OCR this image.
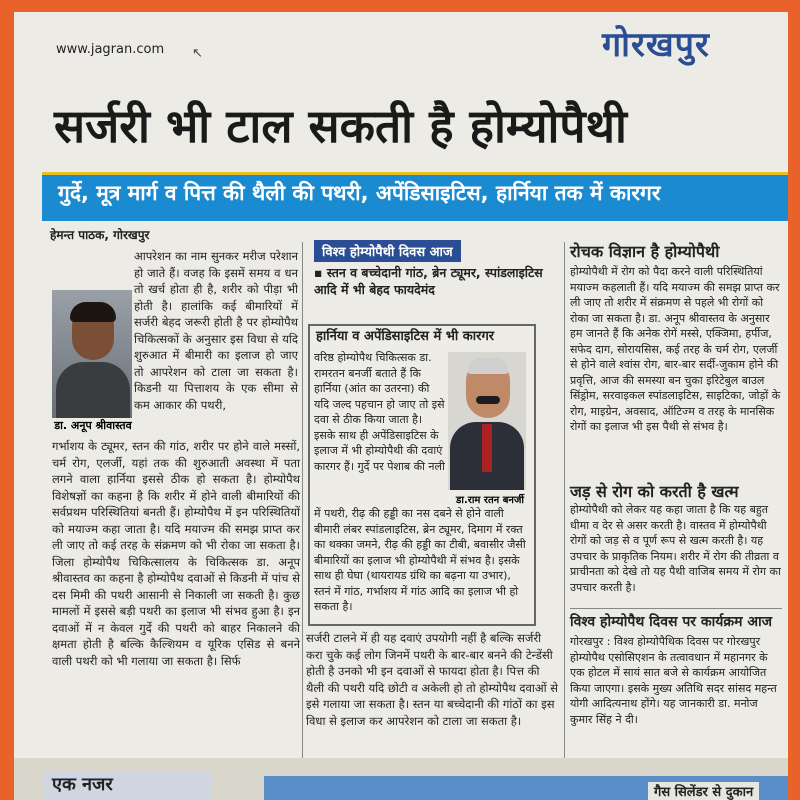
www.jagran.com ↖	गोरखपुर
सर्जरी भी टाल सकती है होम्योपैथी
गुर्दे, मूत्र मार्ग व पित्त की थैली की पथरी, अपेंडिसाइटिस, हार्निया तक में कारगर
हेमन्त पाठक, गोरखपुर
आपरेशन का नाम सुनकर मरीज परेशान हो जाते हैं। वजह कि इसमें समय व धन तो खर्च होता ही है, शरीर को पीड़ा भी होती है। हालांकि कई बीमारियों में सर्जरी बेहद जरूरी होती है पर होम्योपैथ चिकित्सकों के अनुसार इस विधा से यदि शुरुआत में बीमारी का इलाज हो जाए तो आपरेशन को टाला जा सकता है। किडनी या पित्ताशय के एक सीमा से कम आकार की पथरी,
डा. अनूप श्रीवास्तव
गर्भाशय के ट्यूमर, स्तन की गांठ, शरीर पर होने वाले मस्सों, चर्म रोग, एलर्जी, यहां तक की शुरुआती अवस्था में पता लगने वाला हार्निया इससे ठीक हो सकता है। होम्योपैथ विशेषज्ञों का कहना है कि शरीर में होने वाली बीमारियों की सर्वप्रथम परिस्थितियां बनती हैं। होम्योपैथ में इन परिस्थितियों को मयाज्म कहा जाता है। यदि मयाज्म की समझ प्राप्त कर ली जाए तो कई तरह के संक्रमण को भी रोका जा सकता है। जिला होम्योपैथ चिकित्सालय के चिकित्सक डा. अनूप श्रीवास्तव का कहना है होम्योपैथ दवाओं से किडनी में पांच से दस मिमी की पथरी आसानी से निकाली जा सकती है। कुछ मामलों में इससे बड़ी पथरी का इलाज भी संभव हुआ है। इन दवाओं में न केवल गुर्दे की पथरी को बाहर निकालने की क्षमता होती है बल्कि कैल्शियम व यूरिक एसिड से बनने वाली पथरी को भी गलाया जा सकता है। सिर्फ
विश्व होम्योपैथी दिवस आज
▪ स्तन व बच्चेदानी गांठ, ब्रेन ट्यूमर, स्पांडलाइटिस आदि में भी बेहद फायदेमंद
हार्निया व अपेंडिसाइटिस में भी कारगर
वरिष्ठ होम्योपैथ चिकित्सक डा. रामरतन बनर्जी बताते हैं कि हार्निया (आंत का उतरना) की यदि जल्द पहचान हो जाए तो इसे दवा से ठीक किया जाता है। इसके साथ ही अपेंडिसाइटिस के इलाज में भी होम्योपैथी की दवाएं कारगर हैं। गुर्दे पर पेशाब की नली
डा.राम रतन बनर्जी
में पथरी, रीढ़ की हड्डी का नस दबने से होने वाली बीमारी लंबर स्पांडलाइटिस, ब्रेन ट्यूमर, दिमाग में रक्त का थक्का जमने, रीढ़ की हड्डी का टीबी, बवासीर जैसी बीमारियों का इलाज भी होम्योपैथी में संभव है। इसके साथ ही घेघा (थायरायड ग्रंथि का बढ़ना या उभार), स्तनं में गांठ, गर्भाशय में गांठ आदि का इलाज भी हो सकता है।
सर्जरी टालने में ही यह दवाएं उपयोगी नहीं है बल्कि सर्जरी करा चुके कई लोग जिनमें पथरी के बार-बार बनने की टेन्डेंसी होती है उनको भी इन दवाओं से फायदा होता है। पित्त की थैली की पथरी यदि छोटी व अकेली हो तो होम्योपैथ दवाओं से इसे गलाया जा सकता है। स्तन या बच्चेदानी की गांठों का इस विधा से इलाज कर आपरेशन को टाला जा सकता है।
रोचक विज्ञान है होम्योपैथी
होम्योपैथी में रोग को पैदा करने वाली परिस्थितियां मयाज्म कहलाती हैं। यदि मयाज्म की समझ प्राप्त कर ली जाए तो शरीर में संक्रमण से पहले भी रोगों को रोका जा सकता है। डा. अनूप श्रीवास्तव के अनुसार हम जानते हैं कि अनेक रोगें मस्से, एक्जिमा, हर्पीज, सफेद दाग, सोरायसिस, कई तरह के चर्म रोग, एलर्जी से होने वाले श्वांस रोग, बार-बार सर्दी-जुकाम होने की प्रवृत्ति, आज की समस्या बन चुका इरिटेबुल बाउल सिंड्रोम, सरवाइकल स्पांडलाइटिस, साइटिका, जोड़ों के रोग, माइग्रेन, अवसाद, ऑटिज्म व तरह के मानसिक रोगों का इलाज भी इस पैथी से संभव है।
जड़ से रोग को करती है खत्म
होम्योपैथी को लेकर यह कहा जाता है कि यह बहुत धीमा व देर से असर करती है। वास्तव में होम्योपैथी रोगों को जड़ से व पूर्ण रूप से खत्म करती है। यह उपचार के प्राकृतिक नियम। शरीर में रोग की तीव्रता व प्राचीनता को देखे तो यह पैथी वाजिब समय में रोग का उपचार करती है।
विश्व होम्योपैथ दिवस पर कार्यक्रम आज
गोरखपुर : विश्व होम्योपैथिक दिवस पर गोरखपुर होम्योपैथ एसोसिएशन के तत्वावधान में महानगर के एक होटल में सायं सात बजे से कार्यक्रम आयोजित किया जाएगा। इसके मुख्य अतिथि सदर सांसद महन्त योगी आदित्यनाथ होंगे। यह जानकारी डा. मनोज कुमार सिंह ने दी।
एक नजर	गैस सिलेंडर से दुकान
